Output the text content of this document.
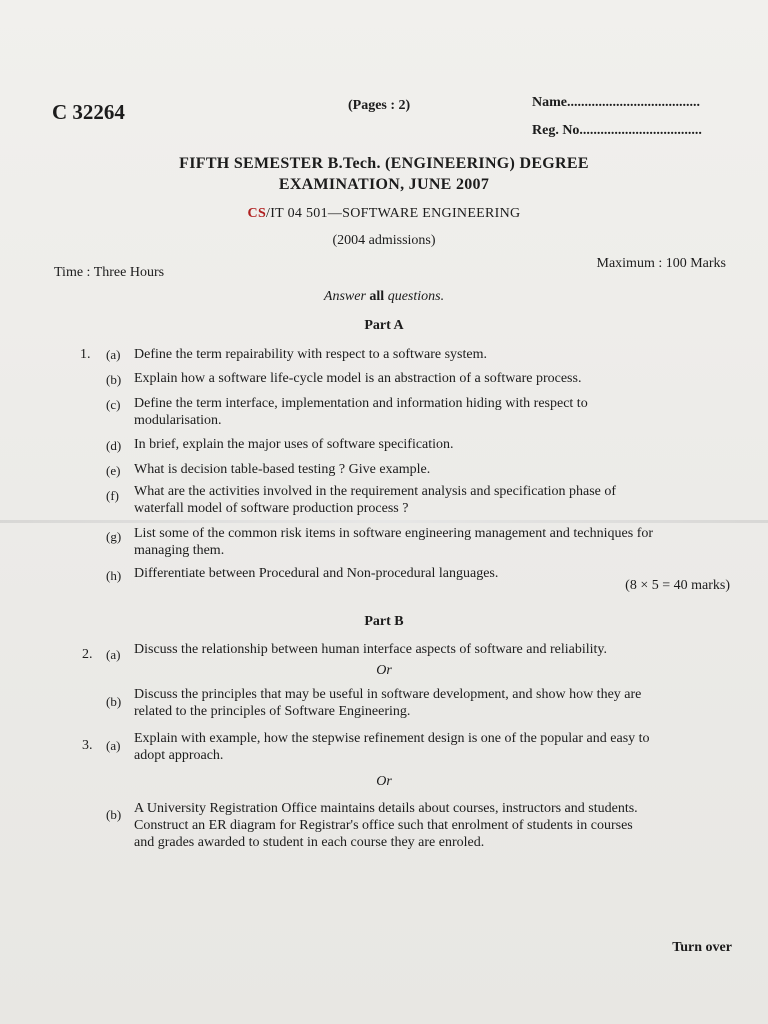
C 32264	(Pages : 2)	Name......................................
Reg. No...................................
FIFTH SEMESTER B.Tech. (ENGINEERING) DEGREE
EXAMINATION, JUNE 2007
CS/IT 04 501—SOFTWARE ENGINEERING
(2004 admissions)
Time : Three Hours
Maximum : 100 Marks
Answer all questions.
Part A
1. (a) Define the term repairability with respect to a software system.
(b) Explain how a software life-cycle model is an abstraction of a software process.
(c) Define the term interface, implementation and information hiding with respect to
modularisation.
(d) In brief, explain the major uses of software specification.
(e) What is decision table-based testing ? Give example.
(f) What are the activities involved in the requirement analysis and specification phase of
waterfall model of software production process ?
(g) List some of the common risk items in software engineering management and techniques for
managing them.
(h) Differentiate between Procedural and Non-procedural languages.
(8 × 5 = 40 marks)
Part B
2. (a) Discuss the relationship between human interface aspects of software and reliability.
Or
(b) Discuss the principles that may be useful in software development, and show how they are
related to the principles of Software Engineering.
3. (a) Explain with example, how the stepwise refinement design is one of the popular and easy to
adopt approach.
Or
(b) A University Registration Office maintains details about courses, instructors and students.
Construct an ER diagram for Registrar's office such that enrolment of students in courses
and grades awarded to student in each course they are enroled.
Turn over
